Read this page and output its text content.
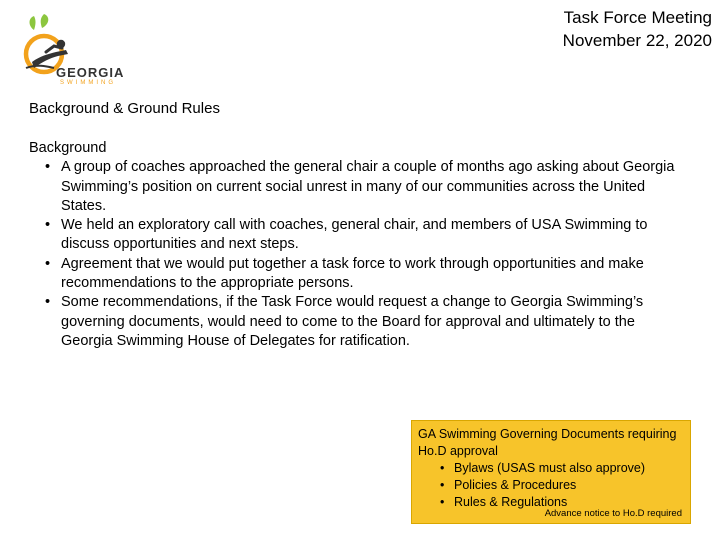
GEORGIA
SWIMMING
Task Force Meeting
November 22, 2020
Background & Ground Rules

Background

• A group of coaches approached the general chair a couple of months ago asking about Georgia Swimming’s position on current social unrest in many of our communities across the United States.
• We held an exploratory call with coaches, general chair, and members of USA Swimming to discuss opportunities and next steps.
• Agreement that we would put together a task force to work through opportunities and make recommendations to the appropriate persons.
• Some recommendations, if the Task Force would request a change to Georgia Swimming’s governing documents, would need to come to the Board for approval and ultimately to the Georgia Swimming House of Delegates for ratification.
GA Swimming Governing Documents requiring Ho.D approval
• Bylaws (USAS must also approve)
• Policies & Procedures
• Rules & Regulations
Advance notice to Ho.D required
